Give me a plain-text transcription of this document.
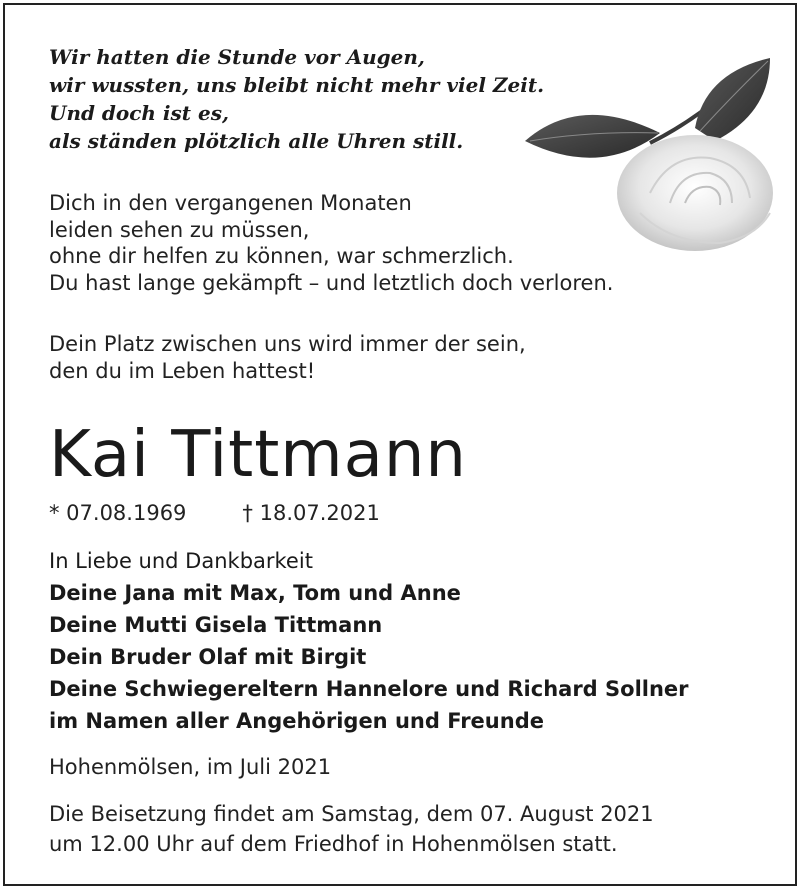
Wir hatten die Stunde vor Augen,
wir wussten, uns bleibt nicht mehr viel Zeit.
Und doch ist es,
als ständen plötzlich alle Uhren still.
Dich in den vergangenen Monaten
leiden sehen zu müssen,
ohne dir helfen zu können, war schmerzlich.
Du hast lange gekämpft – und letztlich doch verloren.
Dein Platz zwischen uns wird immer der sein,
den du im Leben hattest!
Kai Tittmann
* 07.08.1969	† 18.07.2021
In Liebe und Dankbarkeit
Deine Jana mit Max, Tom und Anne
Deine Mutti Gisela Tittmann
Dein Bruder Olaf mit Birgit
Deine Schwiegereltern Hannelore und Richard Sollner
im Namen aller Angehörigen und Freunde
Hohenmölsen, im Juli 2021
Die Beisetzung findet am Samstag, dem 07. August 2021
um 12.00 Uhr auf dem Friedhof in Hohenmölsen statt.
